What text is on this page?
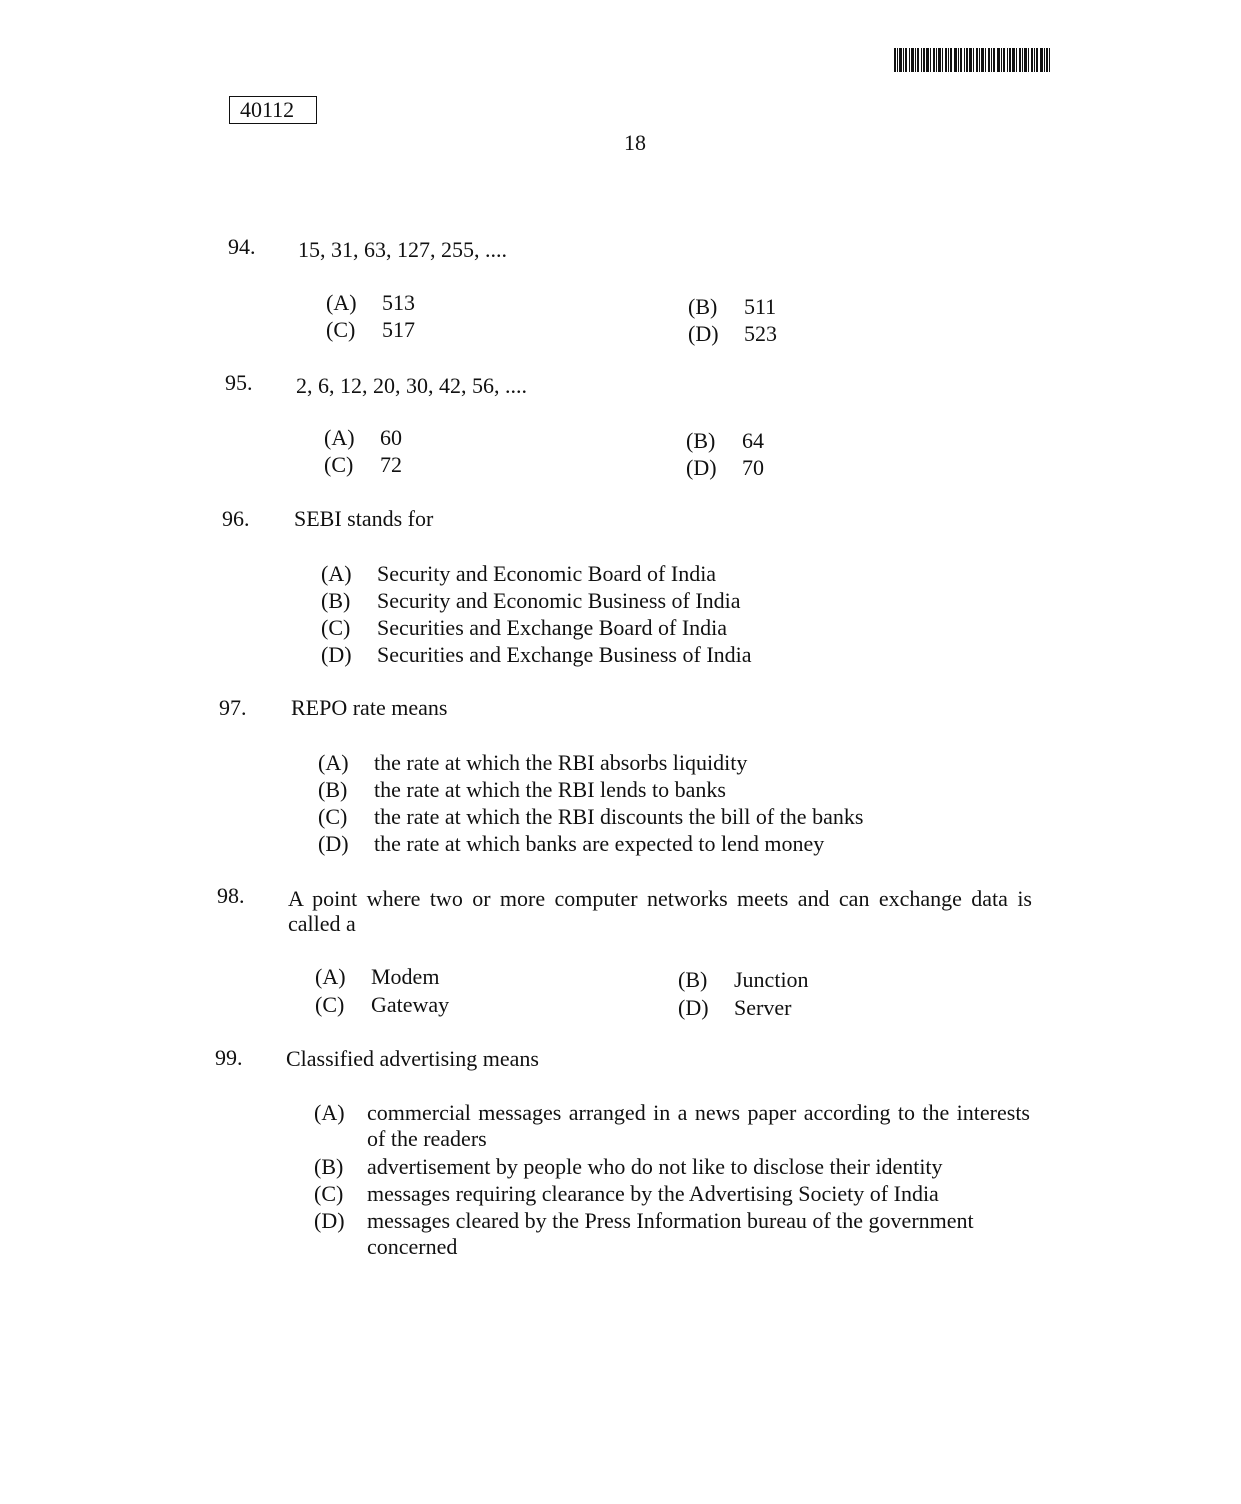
40112
18
94. 15, 31, 63, 127, 255, ....
(A) 513	(B) 511
(C) 517	(D) 523
95. 2, 6, 12, 20, 30, 42, 56, ....
(A) 60	(B) 64
(C) 72	(D) 70
96. SEBI stands for
(A) Security and Economic Board of India
(B) Security and Economic Business of India
(C) Securities and Exchange Board of India
(D) Securities and Exchange Business of India
97. REPO rate means
(A) the rate at which the RBI absorbs liquidity
(B) the rate at which the RBI lends to banks
(C) the rate at which the RBI discounts the bill of the banks
(D) the rate at which banks are expected to lend money
98. A point where two or more computer networks meets and can exchange data is called a
(A) Modem	(B) Junction
(C) Gateway	(D) Server
99. Classified advertising means
(A) commercial messages arranged in a news paper according to the interests of the readers
(B) advertisement by people who do not like to disclose their identity
(C) messages requiring clearance by the Advertising Society of India
(D) messages cleared by the Press Information bureau of the government concerned
